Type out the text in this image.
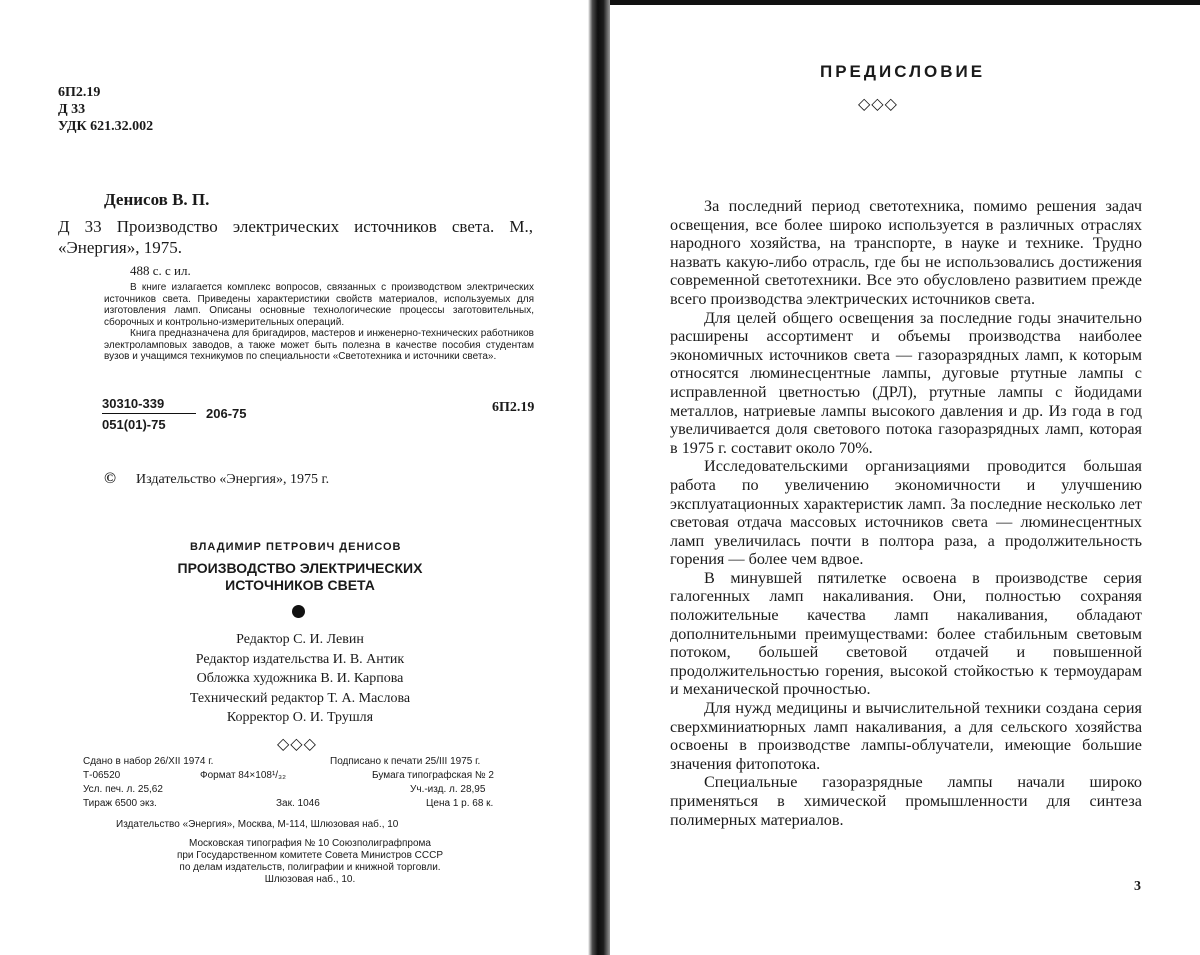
6П2.19
Д 33
УДК 621.32.002
Денисов В. П.
Д 33 Производство электрических источников света. М., «Энергия», 1975.
488 с. с ил.

В книге излагается комплекс вопросов, связанных с производством электрических источников света. Приведены характеристики свойств материалов, используемых для изготовления ламп. Описаны основные технологические процессы заготовительных, сборочных и контрольно-измерительных операций.

Книга предназначена для бригадиров, мастеров и инженерно-технических работников электроламповых заводов, а также может быть полезна в качестве пособия студентам вузов и учащимся техникумов по специальности «Светотехника и источники света».

$\frac{30310-339}{051(01)-75} 206-75$	6П2.19
© Издательство «Энергия», 1975 г.
ВЛАДИМИР ПЕТРОВИЧ ДЕНИСОВ
ПРОИЗВОДСТВО ЭЛЕКТРИЧЕСКИХ
ИСТОЧНИКОВ СВЕТА
Редактор С. И. Левин
Редактор издательства И. В. Антик
Обложка художника В. И. Карпова
Технический редактор Т. А. Маслова
Корректор О. И. Трушля
◇◇◇
Сдано в набор 26/XII 1974 г.	Подписано к печати 25/III 1975 г.
Т-06520	Формат 84×108¹/₃₂	Бумага типографская № 2
Усл. печ. л. 25,62	Уч.-изд. л. 28,95
Тираж 6500 экз.	Зак. 1046	Цена 1 р. 68 к.
Издательство «Энергия», Москва, М-114, Шлюзовая наб., 10
Московская типография № 10 Союзполиграфпрома
при Государственном комитете Совета Министров СССР
по делам издательств, полиграфии и книжной торговли.
Шлюзовая наб., 10.
ПРЕДИСЛОВИЕ
◇◇◇

За последний период светотехника, помимо решения задач освещения, все более широко используется в различных отраслях народного хозяйства, на транспорте, в науке и технике. Трудно назвать какую-либо отрасль, где бы не использовались достижения современной светотехники. Все это обусловлено развитием прежде всего производства электрических источников света.

Для целей общего освещения за последние годы значительно расширены ассортимент и объемы производства наиболее экономичных источников света — газоразрядных ламп, к которым относятся люминесцентные лампы, дуговые ртутные лампы с исправленной цветностью (ДРЛ), ртутные лампы с йодидами металлов, натриевые лампы высокого давления и др. Из года в год увеличивается доля светового потока газоразрядных ламп, которая в 1975 г. составит около 70%.

Исследовательскими организациями проводится большая работа по увеличению экономичности и улучшению эксплуатационных характеристик ламп. За последние несколько лет световая отдача массовых источников света — люминесцентных ламп увеличилась почти в полтора раза, а продолжительность горения — более чем вдвое.

В минувшей пятилетке освоена в производстве серия галогенных ламп накаливания. Они, полностью сохраняя положительные качества ламп накаливания, обладают дополнительными преимуществами: более стабильным световым потоком, большей световой отдачей и повышенной продолжительностью горения, высокой стойкостью к термоударам и механической прочностью.

Для нужд медицины и вычислительной техники создана серия сверхминиатюрных ламп накаливания, а для сельского хозяйства освоены в производстве лампы-облучатели, имеющие большие значения фитопотока.

Специальные газоразрядные лампы начали широко применяться в химической промышленности для синтеза полимерных материалов.

3
